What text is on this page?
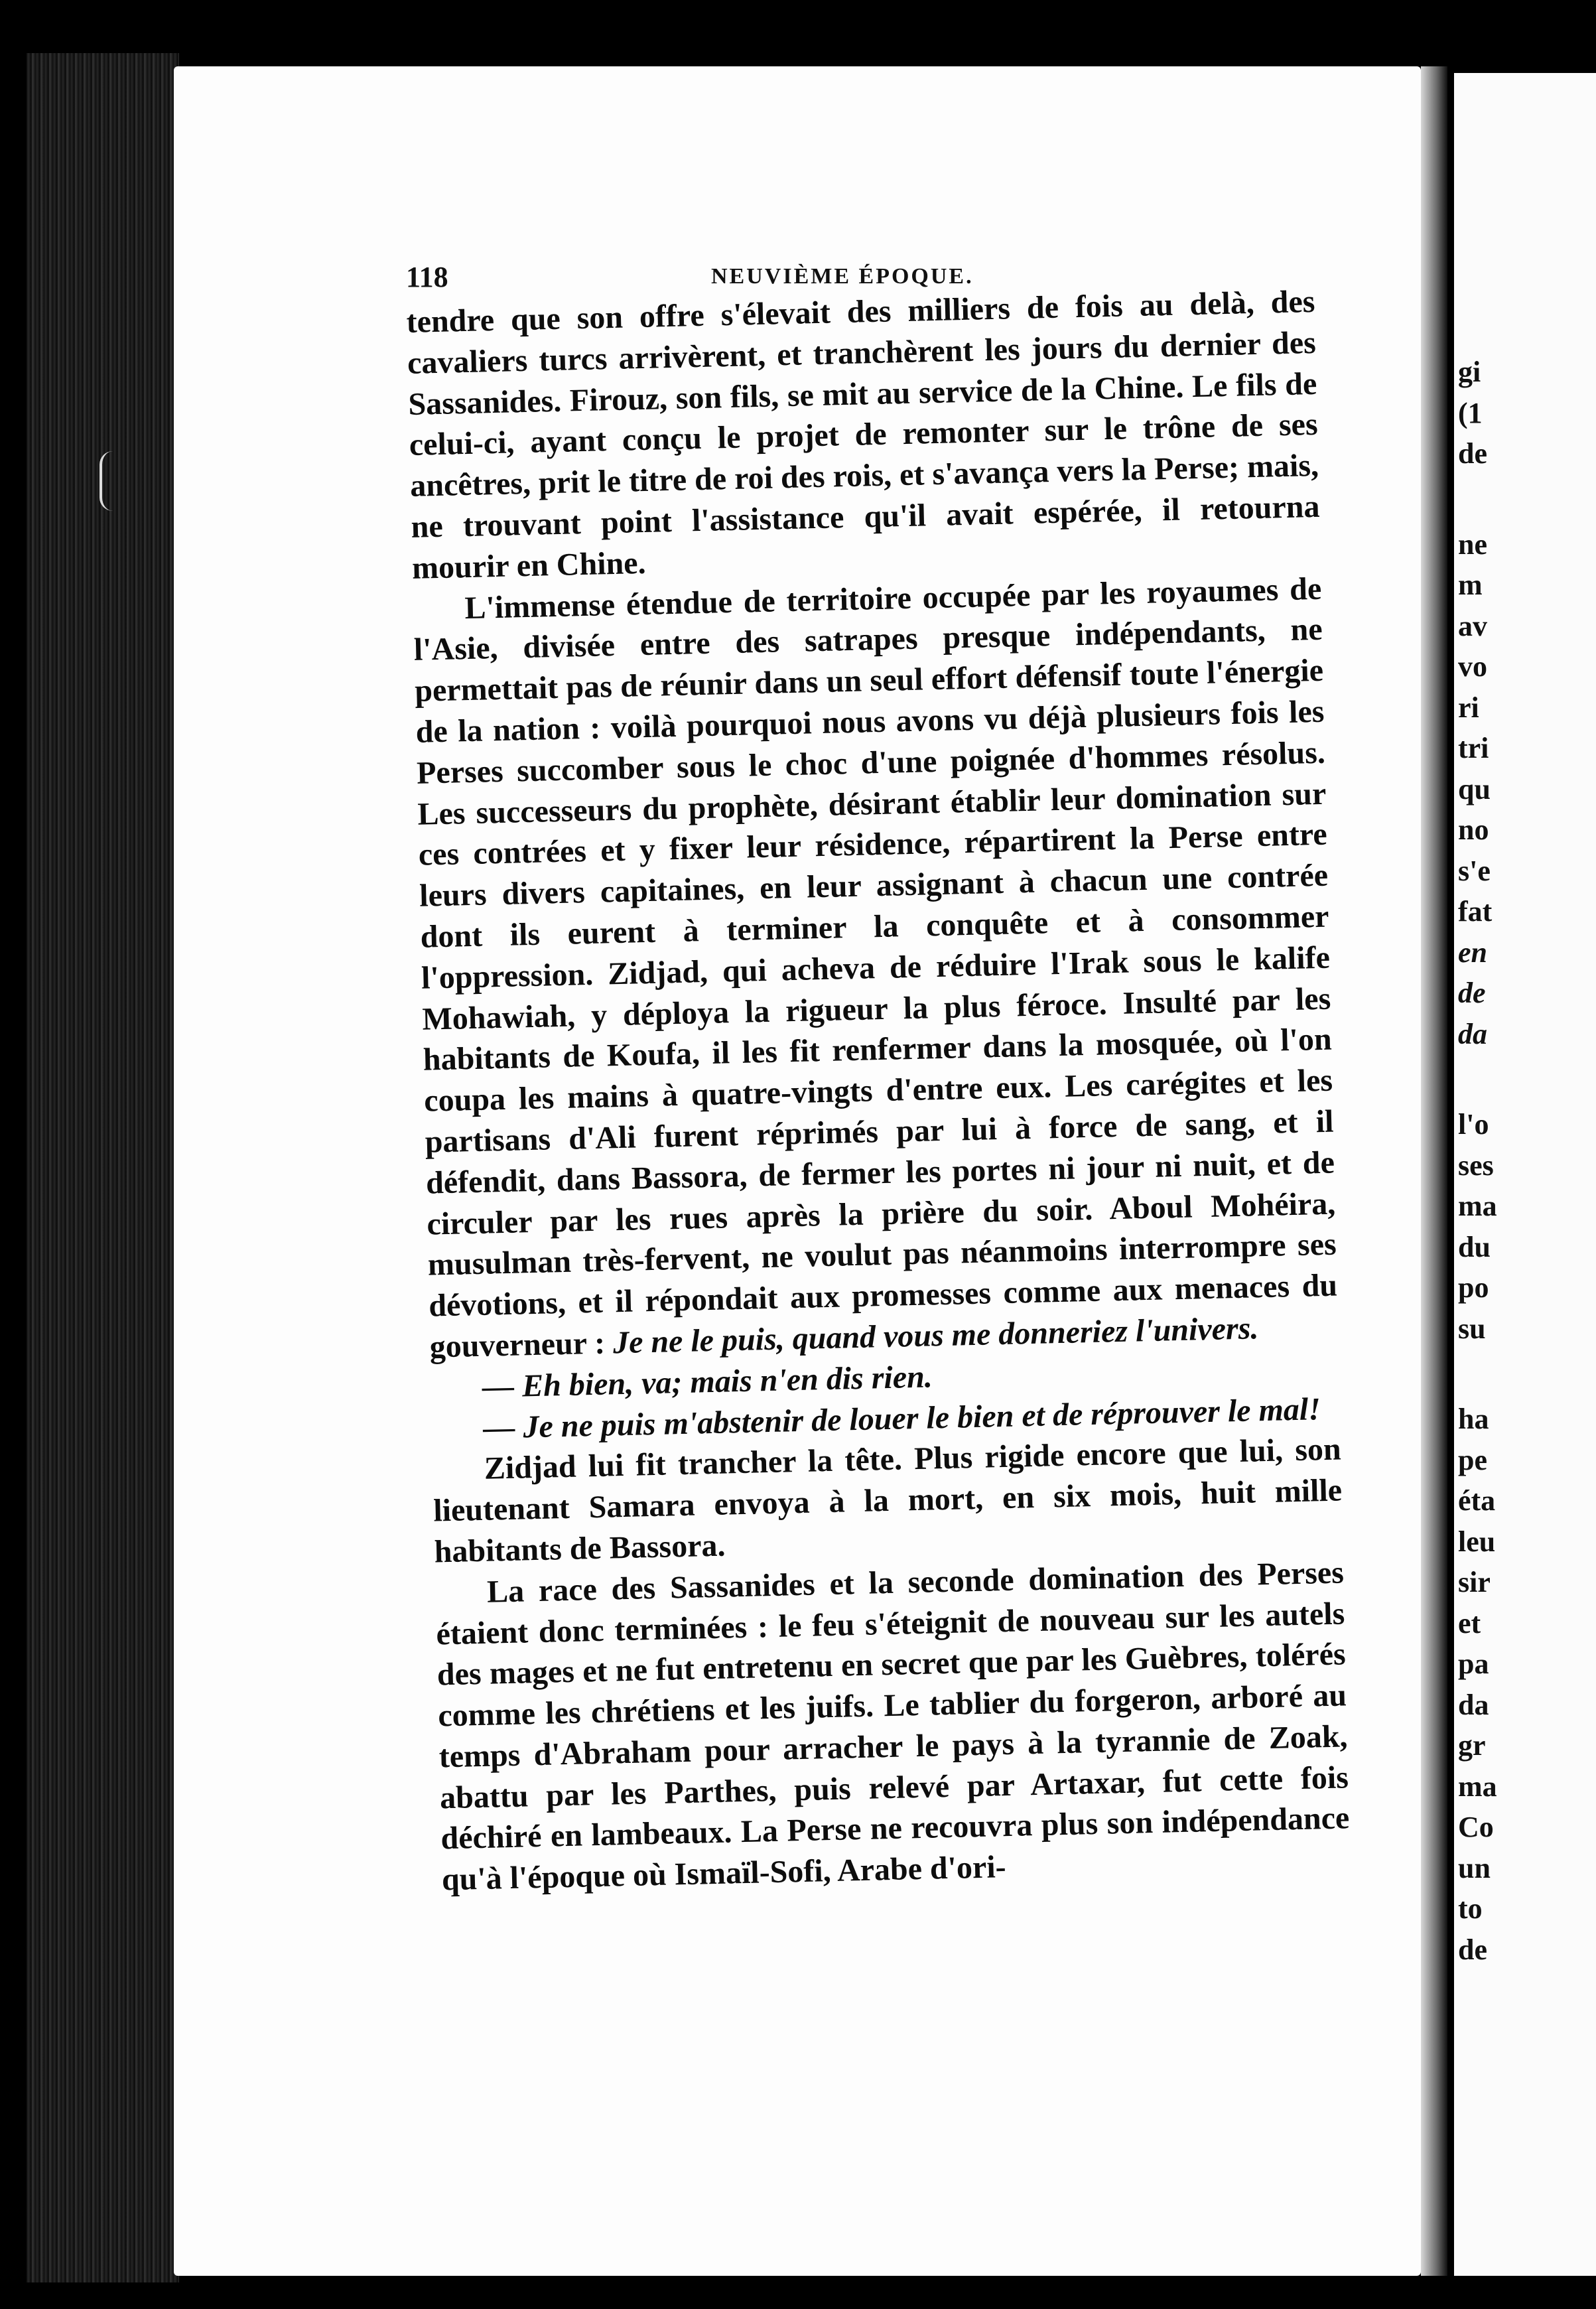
118	NEUVIÈME ÉPOQUE.

tendre que son offre s'élevait des milliers de fois au delà, des cavaliers turcs arrivèrent, et tranchèrent les jours du dernier des Sassanides. Firouz, son fils, se mit au service de la Chine. Le fils de celui-ci, ayant conçu le projet de remonter sur le trône de ses ancêtres, prit le titre de roi des rois, et s'avança vers la Perse; mais, ne trouvant point l'assistance qu'il avait espérée, il retourna mourir en Chine.

L'immense étendue de territoire occupée par les royaumes de l'Asie, divisée entre des satrapes presque indépendants, ne permettait pas de réunir dans un seul effort défensif toute l'énergie de la nation : voilà pourquoi nous avons vu déjà plusieurs fois les Perses succomber sous le choc d'une poignée d'hommes résolus. Les successeurs du prophète, désirant établir leur domination sur ces contrées et y fixer leur résidence, répartirent la Perse entre leurs divers capitaines, en leur assignant à chacun une contrée dont ils eurent à terminer la conquête et à consommer l'oppression. Zidjad, qui acheva de réduire l'Irak sous le kalife Mohawiah, y déploya la rigueur la plus féroce. Insulté par les habitants de Koufa, il les fit renfermer dans la mosquée, où l'on coupa les mains à quatre-vingts d'entre eux. Les carégites et les partisans d'Ali furent réprimés par lui à force de sang, et il défendit, dans Bassora, de fermer les portes ni jour ni nuit, et de circuler par les rues après la prière du soir. Aboul Mohéira, musulman très-fervent, ne voulut pas néanmoins interrompre ses dévotions, et il répondait aux promesses comme aux menaces du gouverneur : Je ne le puis, quand vous me donneriez l'univers.

— Eh bien, va; mais n'en dis rien.

— Je ne puis m'abstenir de louer le bien et de réprouver le mal!

Zidjad lui fit trancher la tête. Plus rigide encore que lui, son lieutenant Samara envoya à la mort, en six mois, huit mille habitants de Bassora.

La race des Sassanides et la seconde domination des Perses étaient donc terminées : le feu s'éteignit de nouveau sur les autels des mages et ne fut entretenu en secret que par les Guèbres, tolérés comme les chrétiens et les juifs. Le tablier du forgeron, arboré au temps d'Abraham pour arracher le pays à la tyrannie de Zoak, abattu par les Parthes, puis relevé par Artaxar, fut cette fois déchiré en lambeaux. La Perse ne recouvra plus son indépendance qu'à l'époque où Ismaïl-Sofi, Arabe d'ori-

gi
(1
de
ne
m
av
vo
ri
tri
qu
no
s'e
fat
en
de
da
l'o
ses
ma
du
po
su
ha
pe
éta
leu
sir
et
pa
da
gr
ma
Co
un
to
de
